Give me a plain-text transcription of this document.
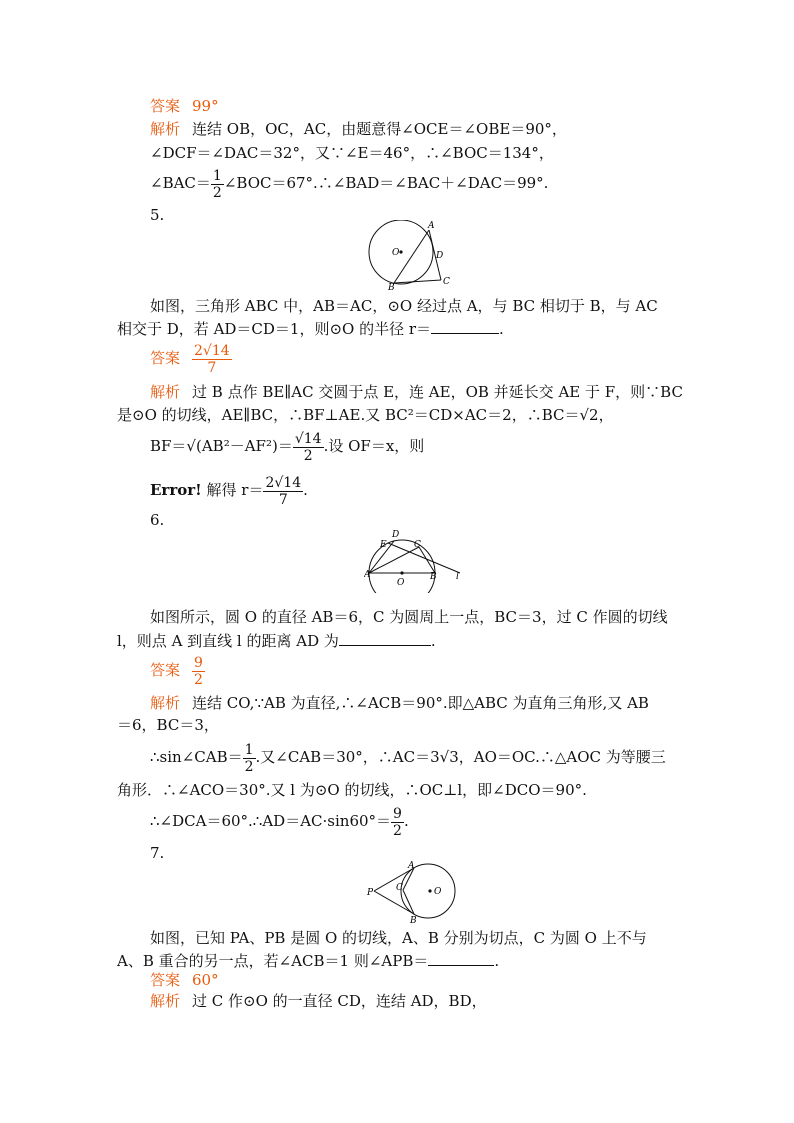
答案 99°
解析 连结 OB，OC，AC，由题意得∠OCE＝∠OBE＝90°，
∠DCF＝∠DAC＝32°，又∵∠E＝46°，∴∠BOC＝134°，
∠BAC＝ $\frac{1}{2}$ ∠BOC＝67°.∴∠BAD＝∠BAC＋∠DAC＝99°.
5.
O
A
D
C
B
如图，三角形 ABC 中，AB＝AC，⊙O 经过点 A，与 BC 相切于 B，与 AC
相交于 D，若 AD＝CD＝1，则⊙O 的半径 r＝	.
答案 $\frac{2√14}{7}$
解析 过 B 点作 BE∥AC 交圆于点 E，连 AE，OB 并延长交 AE 于 F，则∵BC
是⊙O 的切线，AE∥BC，∴BF⊥AE.又 BC²＝CD×AC＝2，∴BC＝√2，
$BF=√(AB^2-AF^2)= \frac{√14}{2}$ .设 OF＝x，则
Error! 解得 $r= \frac{2√14}{7}$ .
6.
O
A	B
C
D
E
l
如图所示，圆 O 的直径 AB＝6，C 为圆周上一点，BC＝3，过 C 作圆的切线
l，则点 A 到直线 l 的距离 AD 为	.
答案 $\frac{9}{2}$
解析 连结 CO,∵AB 为直径,∴∠ACB＝90°.即△ABC 为直角三角形,又 AB
＝6，BC＝3，
∴sin∠CAB＝ $\frac{1}{2}$ .又∠CAB＝30°，∴AC＝3√3，AO＝OC.∴△AOC 为等腰三
角形．∴∠ACO＝30°.又 l 为⊙O 的切线，∴OC⊥l，即∠DCO＝90°.
∴∠DCA＝60°.∴AD＝AC·sin60°＝ $\frac{9}{2}$ .
7.
O
P
A
C
B
如图，已知 PA、PB 是圆 O 的切线，A、B 分别为切点，C 为圆 O 上不与
A、B 重合的另一点，若∠ACB＝1 则∠APB＝	.
答案 60°
解析 过 C 作⊙O 的一直径 CD，连结 AD，BD，
